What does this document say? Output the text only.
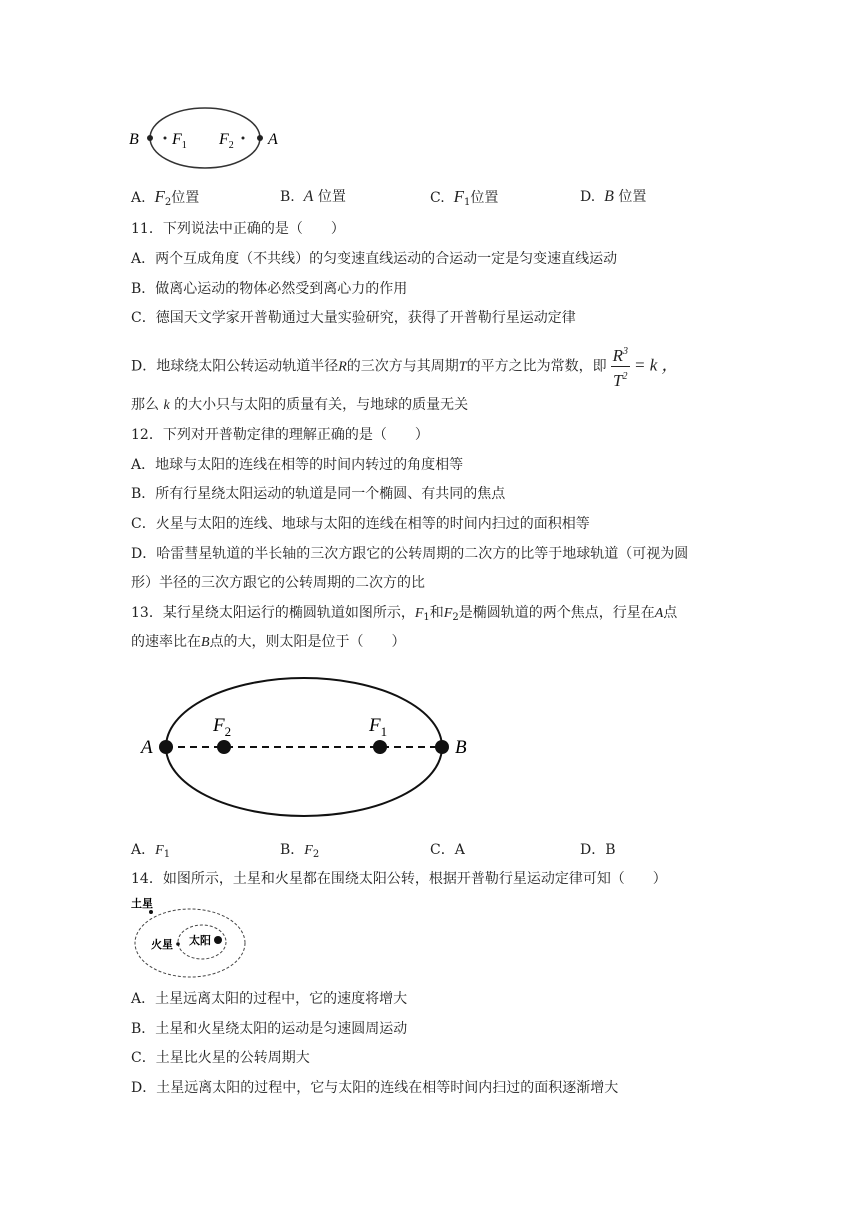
B $F_1$ $F_2$ A
A. $F_2$位置	B. A 位置	C. $F_1$位置	D. B 位置
11．下列说法中正确的是（　　）
A．两个互成角度（不共线）的匀变速直线运动的合运动一定是匀变速直线运动
B．做离心运动的物体必然受到离心力的作用
C．德国天文学家开普勒通过大量实验研究，获得了开普勒行星运动定律
D．地球绕太阳公转运动轨道半径R的三次方与其周期T的平方之比为常数，即 $\frac{R^3}{T^2} = k$ ，
那么 k 的大小只与太阳的质量有关，与地球的质量无关
12．下列对开普勒定律的理解正确的是（　　）
A．地球与太阳的连线在相等的时间内转过的角度相等
B．所有行星绕太阳运动的轨道是同一个椭圆、有共同的焦点
C．火星与太阳的连线、地球与太阳的连线在相等的时间内扫过的面积相等
D．哈雷彗星轨道的半长轴的三次方跟它的公转周期的二次方的比等于地球轨道（可视为圆
形）半径的三次方跟它的公转周期的二次方的比
13．某行星绕太阳运行的椭圆轨道如图所示，$F_1$和$F_2$是椭圆轨道的两个焦点，行星在A点
的速率比在B点的大，则太阳是位于（　　）
A
$F_2$	$F_1$
B
A．$F_1$	B．$F_2$	C．A	D．B
14．如图所示，土星和火星都在围绕太阳公转，根据开普勒行星运动定律可知（　　）
土星
火星 太阳
A．土星远离太阳的过程中，它的速度将增大
B．土星和火星绕太阳的运动是匀速圆周运动
C．土星比火星的公转周期大
D．土星远离太阳的过程中，它与太阳的连线在相等时间内扫过的面积逐渐增大
